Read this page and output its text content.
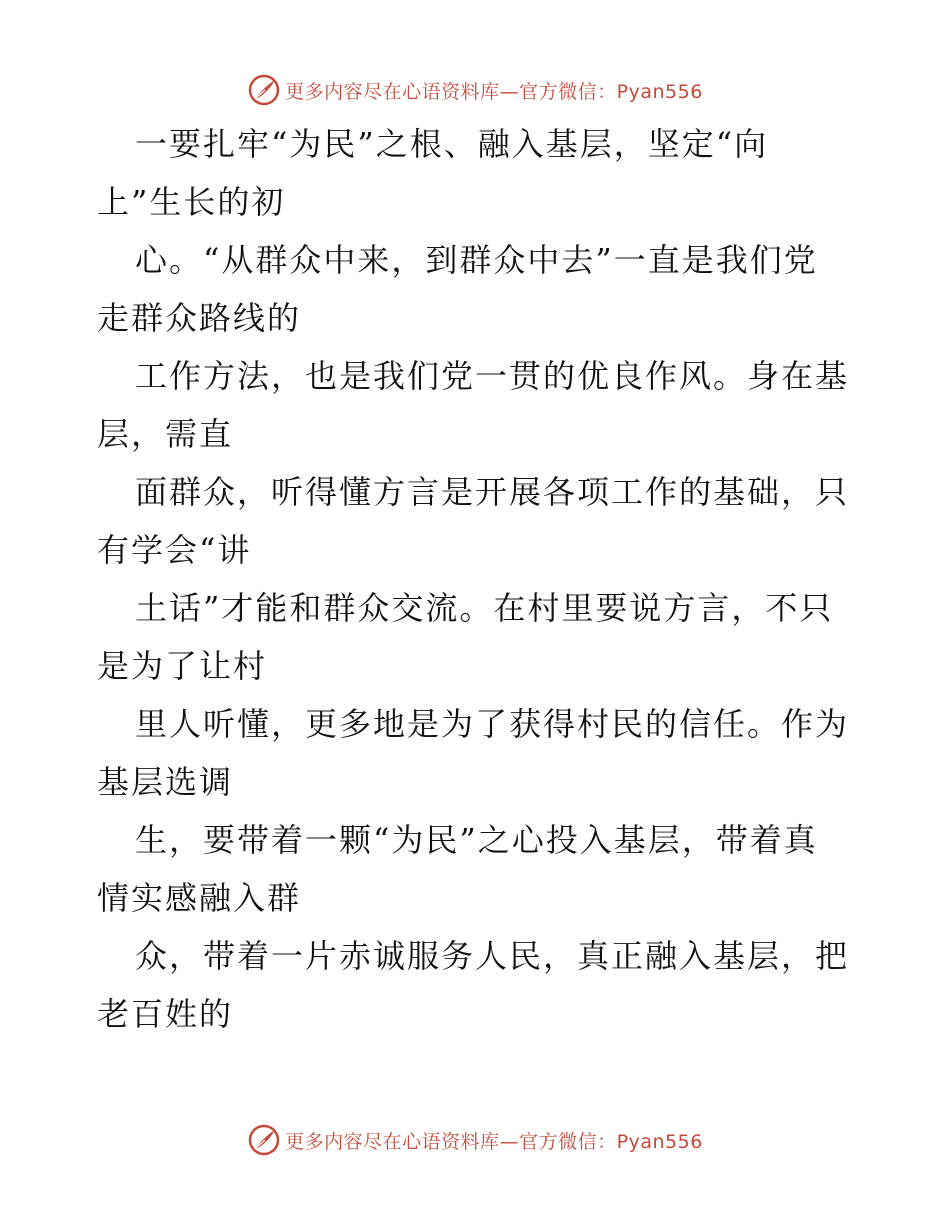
更多内容尽在心语资料库—官方微信：Pyan556
一要扎牢“为民”之根、融入基层，坚定“向
上”生长的初
心。“从群众中来，到群众中去”一直是我们党
走群众路线的
工作方法，也是我们党一贯的优良作风。身在基
层，需直
面群众，听得懂方言是开展各项工作的基础，只
有学会“讲
土话”才能和群众交流。在村里要说方言，不只
是为了让村
里人听懂，更多地是为了获得村民的信任。作为
基层选调
生，要带着一颗“为民”之心投入基层，带着真
情实感融入群
众，带着一片赤诚服务人民，真正融入基层，把
老百姓的
更多内容尽在心语资料库—官方微信：Pyan556
